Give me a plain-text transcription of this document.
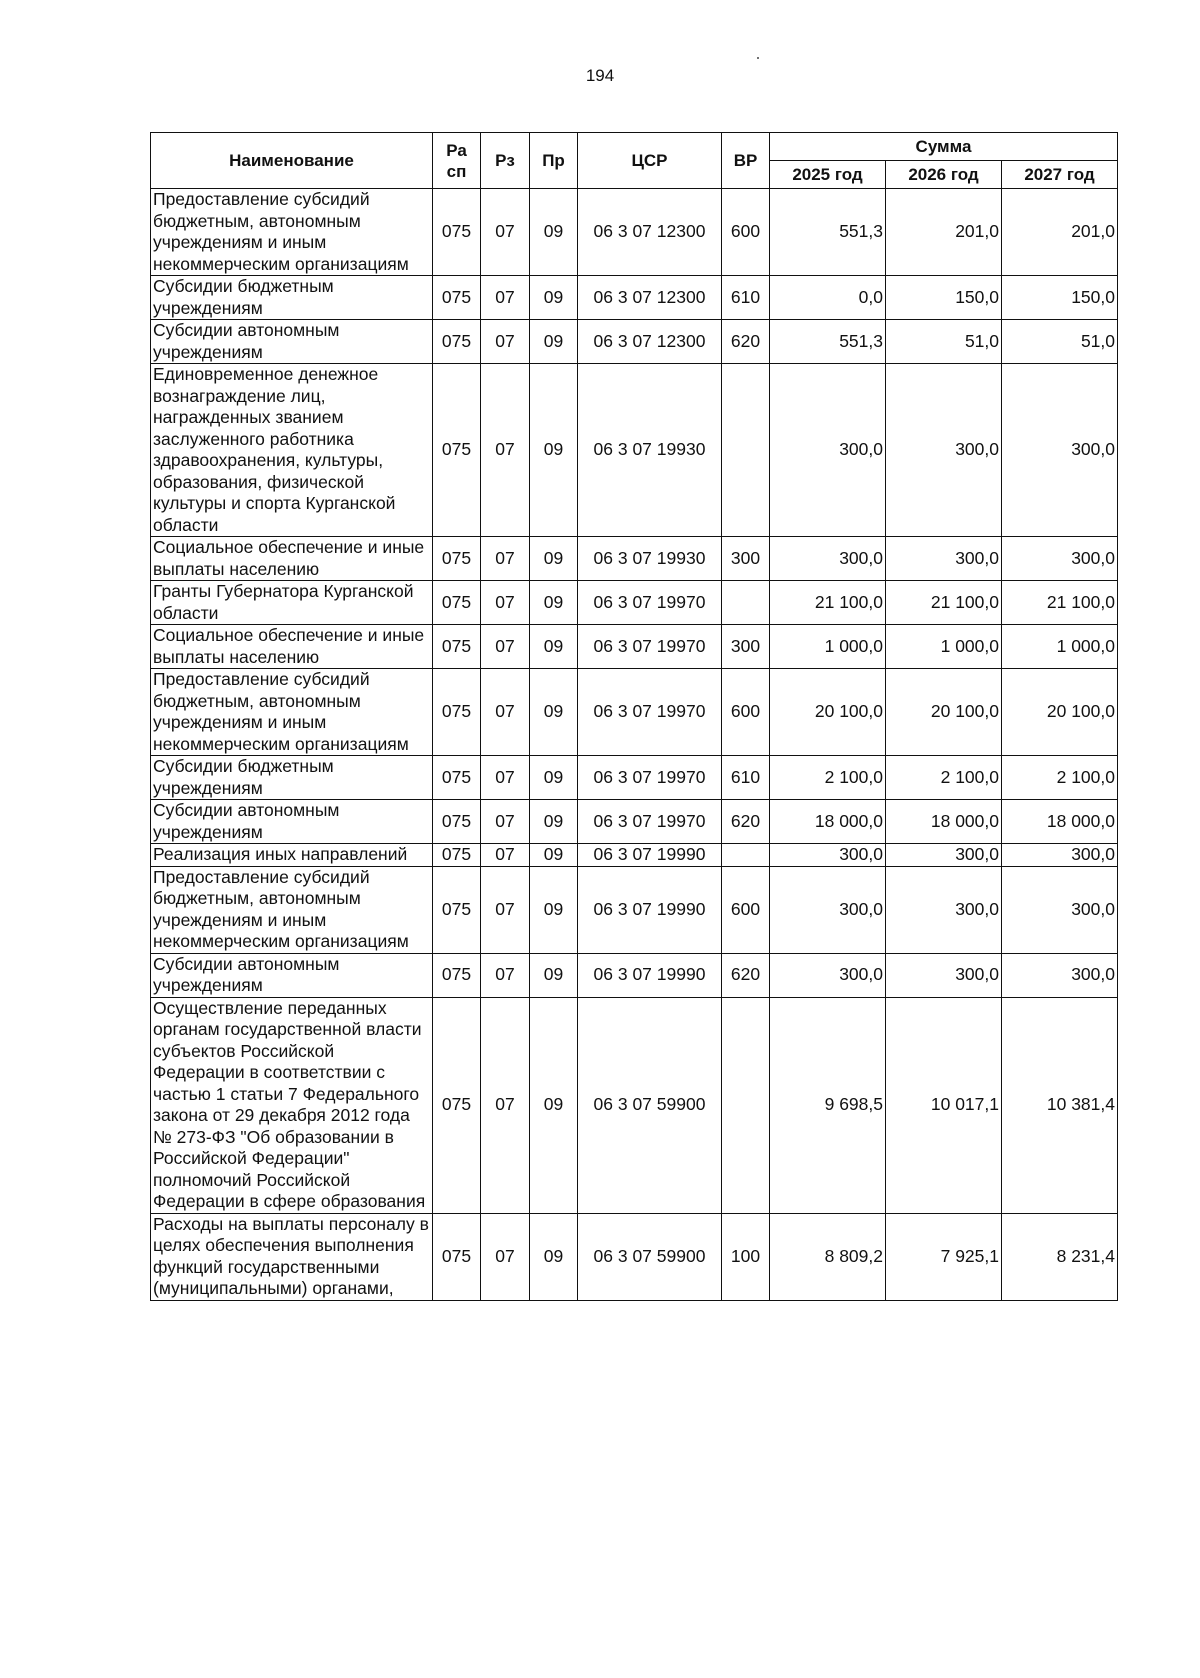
194
Наименование	Ра сп	Рз	Пр	ЦСР	ВР	Сумма		
						2025 год	2026 год	2027 год
Предоставление субсидий бюджетным, автономным учреждениям и иным некоммерческим организациям	075	07	09	06 3 07 12300	600	551,3	201,0	201,0
Субсидии бюджетным учреждениям	075	07	09	06 3 07 12300	610	0,0	150,0	150,0
Субсидии автономным учреждениям	075	07	09	06 3 07 12300	620	551,3	51,0	51,0
Единовременное денежное вознаграждение лиц, награжденных званием заслуженного работника здравоохранения, культуры, образования, физической культуры и спорта Курганской области	075	07	09	06 3 07 19930		300,0	300,0	300,0
Социальное обеспечение и иные выплаты населению	075	07	09	06 3 07 19930	300	300,0	300,0	300,0
Гранты Губернатора Курганской области	075	07	09	06 3 07 19970		21 100,0	21 100,0	21 100,0
Социальное обеспечение и иные выплаты населению	075	07	09	06 3 07 19970	300	1 000,0	1 000,0	1 000,0
Предоставление субсидий бюджетным, автономным учреждениям и иным некоммерческим организациям	075	07	09	06 3 07 19970	600	20 100,0	20 100,0	20 100,0
Субсидии бюджетным учреждениям	075	07	09	06 3 07 19970	610	2 100,0	2 100,0	2 100,0
Субсидии автономным учреждениям	075	07	09	06 3 07 19970	620	18 000,0	18 000,0	18 000,0
Реализация иных направлений	075	07	09	06 3 07 19990		300,0	300,0	300,0
Предоставление субсидий бюджетным, автономным учреждениям и иным некоммерческим организациям	075	07	09	06 3 07 19990	600	300,0	300,0	300,0
Субсидии автономным учреждениям	075	07	09	06 3 07 19990	620	300,0	300,0	300,0
Осуществление переданных органам государственной власти субъектов Российской Федерации в соответствии с частью 1 статьи 7 Федерального закона от 29 декабря 2012 года № 273-ФЗ "Об образовании в Российской Федерации" полномочий Российской Федерации в сфере образования	075	07	09	06 3 07 59900		9 698,5	10 017,1	10 381,4
Расходы на выплаты персоналу в целях обеспечения выполнения функций государственными (муниципальными) органами,	075	07	09	06 3 07 59900	100	8 809,2	7 925,1	8 231,4
